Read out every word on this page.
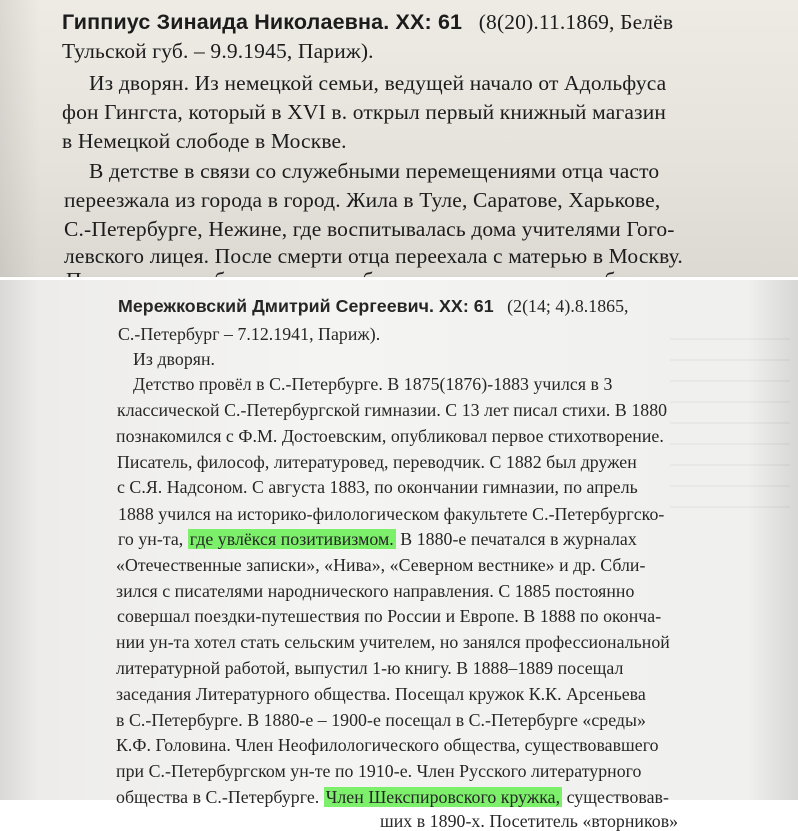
Гиппиус Зинаида Николаевна. ХХ: 61 (8(20).11.1869, Белёв
Тульской губ. – 9.9.1945, Париж).
Из дворян. Из немецкой семьи, ведущей начало от Адольфуса
фон Гингста, который в XVI в. открыл первый книжный магазин
в Немецкой слободе в Москве.
В детстве в связи со служебными перемещениями отца часто
переезжала из города в город. Жила в Туле, Саратове, Харькове,
С.-Петербурге, Нежине, где воспитывалась дома учителями Гого-
левского лицея. После смерти отца переехала с матерью в Москву.
Мережковский Дмитрий Сергеевич. ХХ: 61 (2(14; 4).8.1865,
С.-Петербург – 7.12.1941, Париж).
Из дворян.
Детство провёл в С.-Петербурге. В 1875(1876)-1883 учился в 3
классической С.-Петербургской гимназии. С 13 лет писал стихи. В 1880
познакомился с Ф.М. Достоевским, опубликовал первое стихотворение.
Писатель, философ, литературовед, переводчик. С 1882 был дружен
с С.Я. Надсоном. С августа 1883, по окончании гимназии, по апрель
1888 учился на историко-филологическом факультете С.-Петербургско-
го ун-та, где увлёкся позитивизмом. В 1880-е печатался в журналах
«Отечественные записки», «Нива», «Северном вестнике» и др. Сбли-
зился с писателями народнического направления. С 1885 постоянно
совершал поездки-путешествия по России и Европе. В 1888 по оконча-
нии ун-та хотел стать сельским учителем, но занялся профессиональной
литературной работой, выпустил 1-ю книгу. В 1888–1889 посещал
заседания Литературного общества. Посещал кружок К.К. Арсеньева
в С.-Петербурге. В 1880-е – 1900-е посещал в С.-Петербурге «среды»
К.Ф. Головина. Член Неофилологического общества, существовавшего
при С.-Петербургском ун-те по 1910-е. Член Русского литературного
общества в С.-Петербурге. Член Шекспировского кружка, существовав-
ших в 1890-х. Посетитель «вторников»
